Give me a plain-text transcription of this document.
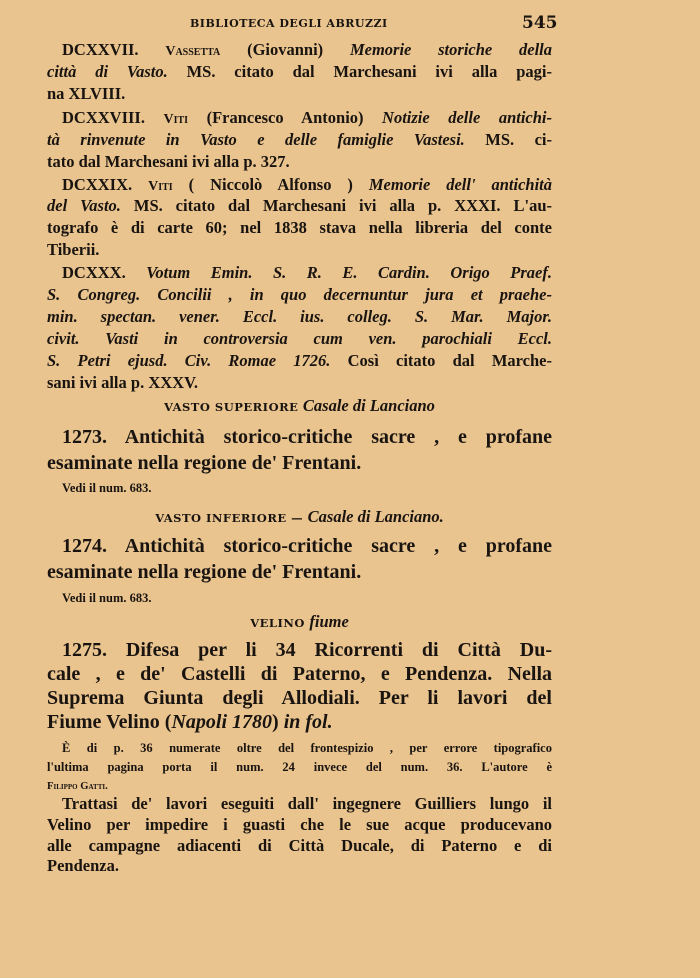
BIBLIOTECA DEGLI ABRUZZI	545
DCXXVII. Vassetta (Giovanni) Memorie storiche della
città di Vasto. MS. citato dal Marchesani ivi alla pagi-
na XLVIII.
DCXXVIII. Viti (Francesco Antonio) Notizie delle antichi-
tà rinvenute in Vasto e delle famiglie Vastesi. MS. ci-
tato dal Marchesani ivi alla p. 327.
DCXXIX. Viti ( Niccolò Alfonso ) Memorie dell' antichità
del Vasto. MS. citato dal Marchesani ivi alla p. XXXI. L'au-
tografo è di carte 60; nel 1838 stava nella libreria del conte
Tiberii.
DCXXX. Votum Emin. S. R. E. Cardin. Origo Praef.
S. Congreg. Concilii , in quo decernuntur jura et praehe-
min. spectan. vener. Eccl. ius. colleg. S. Mar. Major.
civit. Vasti in controversia cum ven. parochiali Eccl.
S. Petri ejusd. Civ. Romae 1726. Così citato dal Marche-
sani ivi alla p. XXXV.
VASTO SUPERIORE Casale di Lanciano
1273. Antichità storico-critiche sacre , e profane
esaminate nella regione de' Frentani.
Vedi il num. 683.
VASTO INFERIORE — Casale di Lanciano.
1274. Antichità storico-critiche sacre , e profane
esaminate nella regione de' Frentani.
Vedi il num. 683.
VELINO fiume
1275. Difesa per li 34 Ricorrenti di Città Du-
cale , e de' Castelli di Paterno, e Pendenza. Nella
Suprema Giunta degli Allodiali. Per li lavori del
Fiume Velino (Napoli 1780) in fol.
È di p. 36 numerate oltre del frontespizio , per errore tipografico
l'ultima pagina porta il num. 24 invece del num. 36. L'autore è
Filippo Gatti.
Trattasi de' lavori eseguiti dall' ingegnere Guilliers lungo il
Velino per impedire i guasti che le sue acque producevano
alle campagne adiacenti di Città Ducale, di Paterno e di
Pendenza.
